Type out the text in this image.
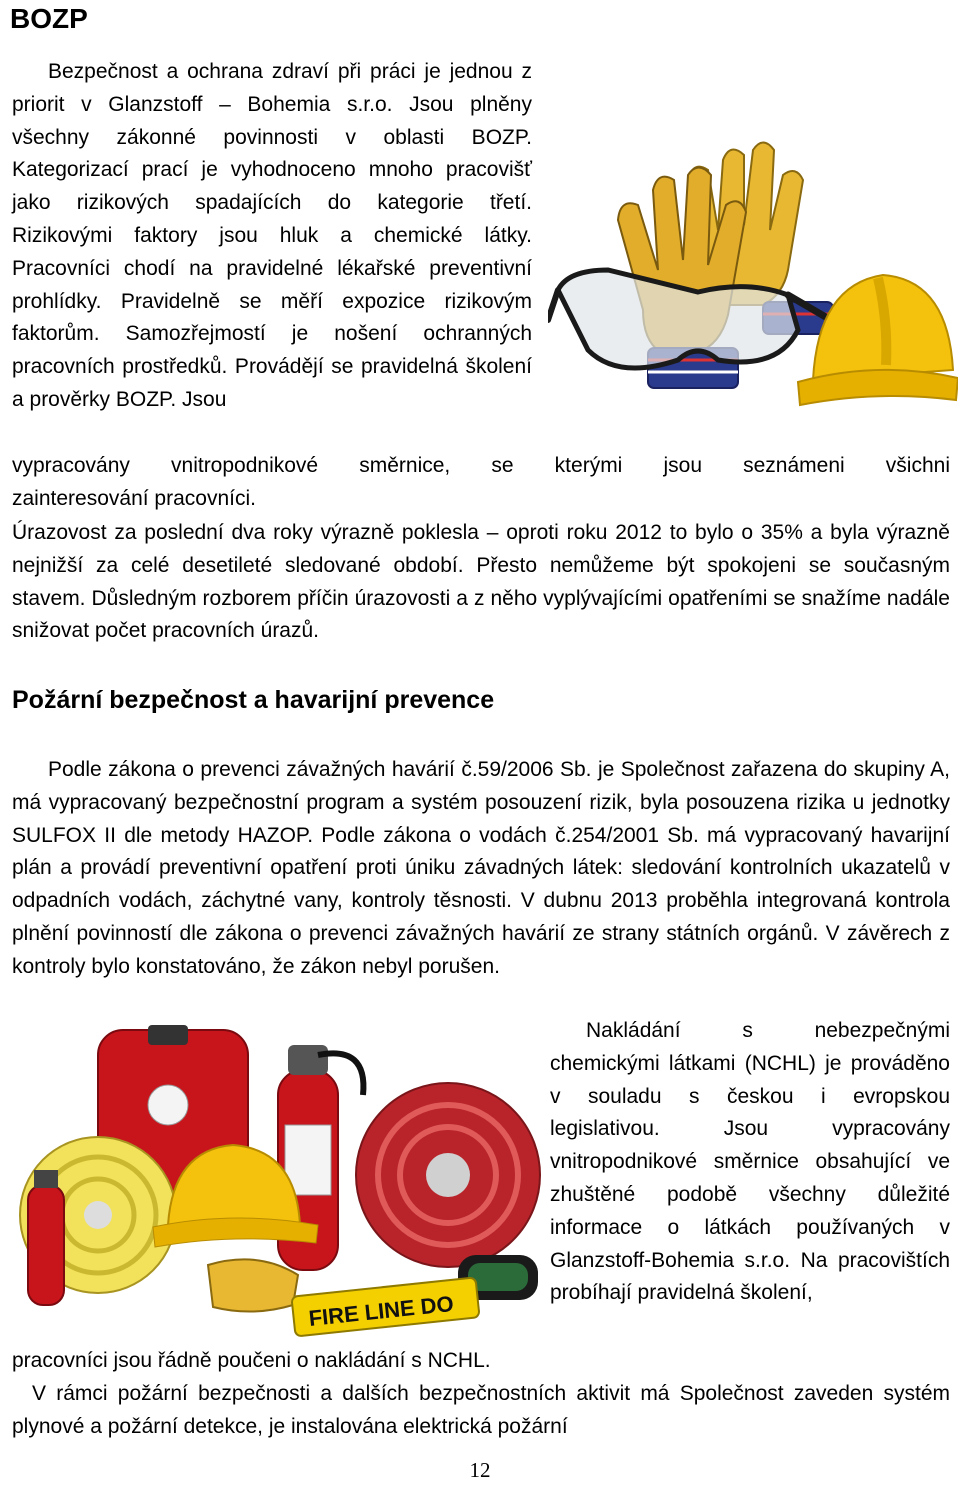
BOZP

Bezpečnost a ochrana zdraví při práci je jednou z priorit v Glanzstoff – Bohemia s.r.o. Jsou plněny všechny zákonné povinnosti v oblasti BOZP. Kategorizací prací je vyhodnoceno mnoho pracovišť jako rizikových spadajících do kategorie třetí. Rizikovými faktory jsou hluk a chemické látky. Pracovníci chodí na pravidelné lékařské preventivní prohlídky. Pravidelně se měří expozice rizikovým faktorům. Samozřejmostí je nošení ochranných pracovních prostředků. Provádějí se pravidelná školení a prověrky BOZP. Jsou

vypracovány vnitropodnikové směrnice, se kterými jsou seznámeni všichni
zainteresování pracovníci.

Úrazovost za poslední dva roky výrazně poklesla – oproti roku 2012 to bylo o 35% a byla výrazně nejnižší za celé desetileté sledované období. Přesto nemůžeme být spokojeni se současným stavem. Důsledným rozborem příčin úrazovosti a z něho vyplývajícími opatřeními se snažíme nadále snižovat počet pracovních úrazů.

Požární bezpečnost a havarijní prevence

Podle zákona o prevenci závažných havárií č.59/2006 Sb. je Společnost zařazena do skupiny A, má vypracovaný bezpečnostní program a systém posouzení rizik, byla posouzena rizika u jednotky SULFOX II dle metody HAZOP. Podle zákona o vodách č.254/2001 Sb. má vypracovaný havarijní plán a provádí preventivní opatření proti úniku závadných látek: sledování kontrolních ukazatelů v odpadních vodách, záchytné vany, kontroly těsnosti. V dubnu 2013 proběhla integrovaná kontrola plnění povinností dle zákona o prevenci závažných havárií ze strany státních orgánů. V závěrech z kontroly bylo konstatováno, že zákon nebyl porušen.

Nakládání s nebezpečnými chemickými látkami (NCHL) je prováděno v souladu s českou i evropskou legislativou. Jsou vypracovány vnitropodnikové směrnice obsahující ve zhuštěné podobě všechny důležité informace o látkách používaných v Glanzstoff-Bohemia s.r.o. Na pracovištích probíhají pravidelná školení,

pracovníci jsou řádně poučeni o nakládání s NCHL.

V rámci požární bezpečnosti a dalších bezpečnostních aktivit má Společnost zaveden systém plynové a požární detekce, je instalována elektrická požární

FIRE LINE DO
12
